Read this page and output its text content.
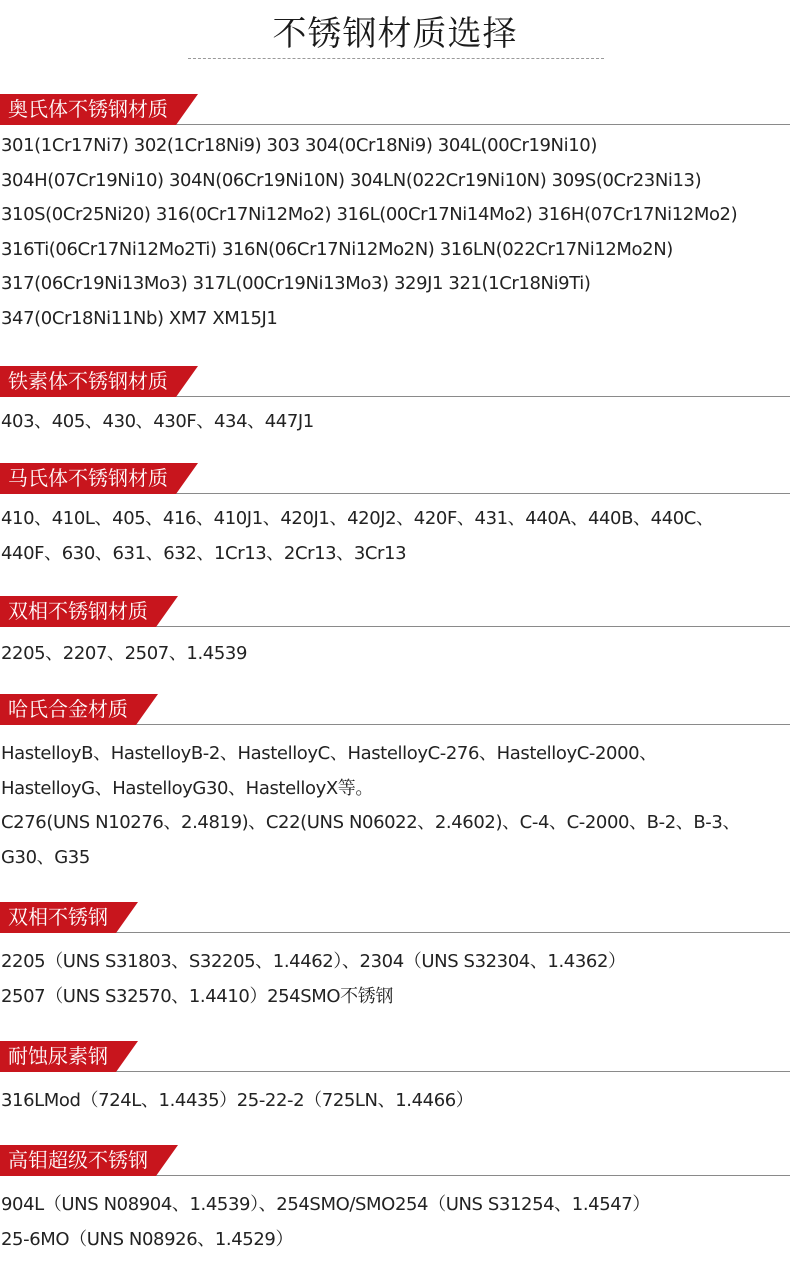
不锈钢材质选择
奥氏体不锈钢材质
301(1Cr17Ni7) 302(1Cr18Ni9) 303 304(0Cr18Ni9) 304L(00Cr19Ni10)
304H(07Cr19Ni10) 304N(06Cr19Ni10N) 304LN(022Cr19Ni10N) 309S(0Cr23Ni13)
310S(0Cr25Ni20) 316(0Cr17Ni12Mo2) 316L(00Cr17Ni14Mo2) 316H(07Cr17Ni12Mo2)
316Ti(06Cr17Ni12Mo2Ti) 316N(06Cr17Ni12Mo2N) 316LN(022Cr17Ni12Mo2N)
317(06Cr19Ni13Mo3) 317L(00Cr19Ni13Mo3) 329J1 321(1Cr18Ni9Ti)
347(0Cr18Ni11Nb) XM7 XM15J1
铁素体不锈钢材质
403、405、430、430F、434、447J1
马氏体不锈钢材质
410、410L、405、416、410J1、420J1、420J2、420F、431、440A、440B、440C、
440F、630、631、632、1Cr13、2Cr13、3Cr13
双相不锈钢材质
2205、2207、2507、1.4539
哈氏合金材质
HastelloyB、HastelloyB-2、HastelloyC、HastelloyC-276、HastelloyC-2000、
HastelloyG、HastelloyG30、HastelloyX等。
C276(UNS N10276、2.4819)、C22(UNS N06022、2.4602)、C-4、C-2000、B-2、B-3、
G30、G35
双相不锈钢
2205（UNS S31803、S32205、1.4462）、2304（UNS S32304、1.4362）
2507（UNS S32570、1.4410）254SMO不锈钢
耐蚀尿素钢
316LMod（724L、1.4435）25-22-2（725LN、1.4466）
高钼超级不锈钢
904L（UNS N08904、1.4539）、254SMO/SMO254（UNS S31254、1.4547）
25-6MO（UNS N08926、1.4529）
